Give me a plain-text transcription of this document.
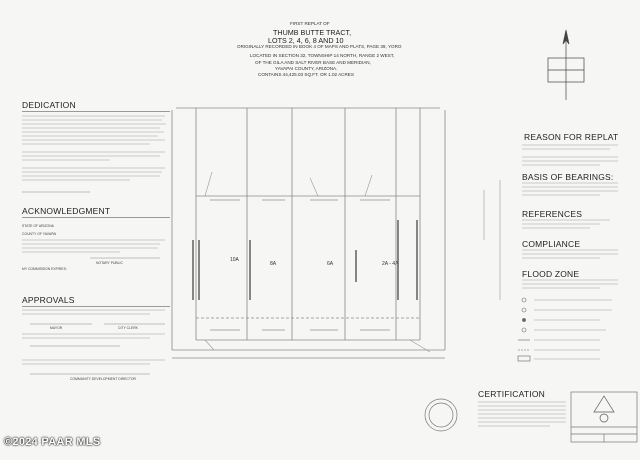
FIRST REPLAT OF
THUMB BUTTE TRACT,
LOTS 2, 4, 6, 8 AND 10
ORIGINALLY RECORDED IN BOOK 4 OF MAPS AND PLATS, PAGE 39, YORO
LOCATED IN SECTION 32, TOWNSHIP 14 NORTH, RANGE 2 WEST,
OF THE GILA AND SALT RIVER BASE AND MERIDIAN,
YAVAPAI COUNTY, ARIZONA.
CONTAINS 44,425.03 SQ.FT. OR 1.02 ACRES
DEDICATION
ACKNOWLEDGMENT
STATE OF ARIZONA
COUNTY OF YAVAPAI
NOTARY PUBLIC
MY COMMISSION EXPIRES:
APPROVALS
MAYOR	CITY CLERK
COMMUNITY DEVELOPMENT DIRECTOR
REASON FOR REPLAT
BASIS OF BEARINGS:
REFERENCES
COMPLIANCE
FLOOD ZONE
CERTIFICATION
10A
8A	6A	2A - 4A
©2024 PAAR MLS
